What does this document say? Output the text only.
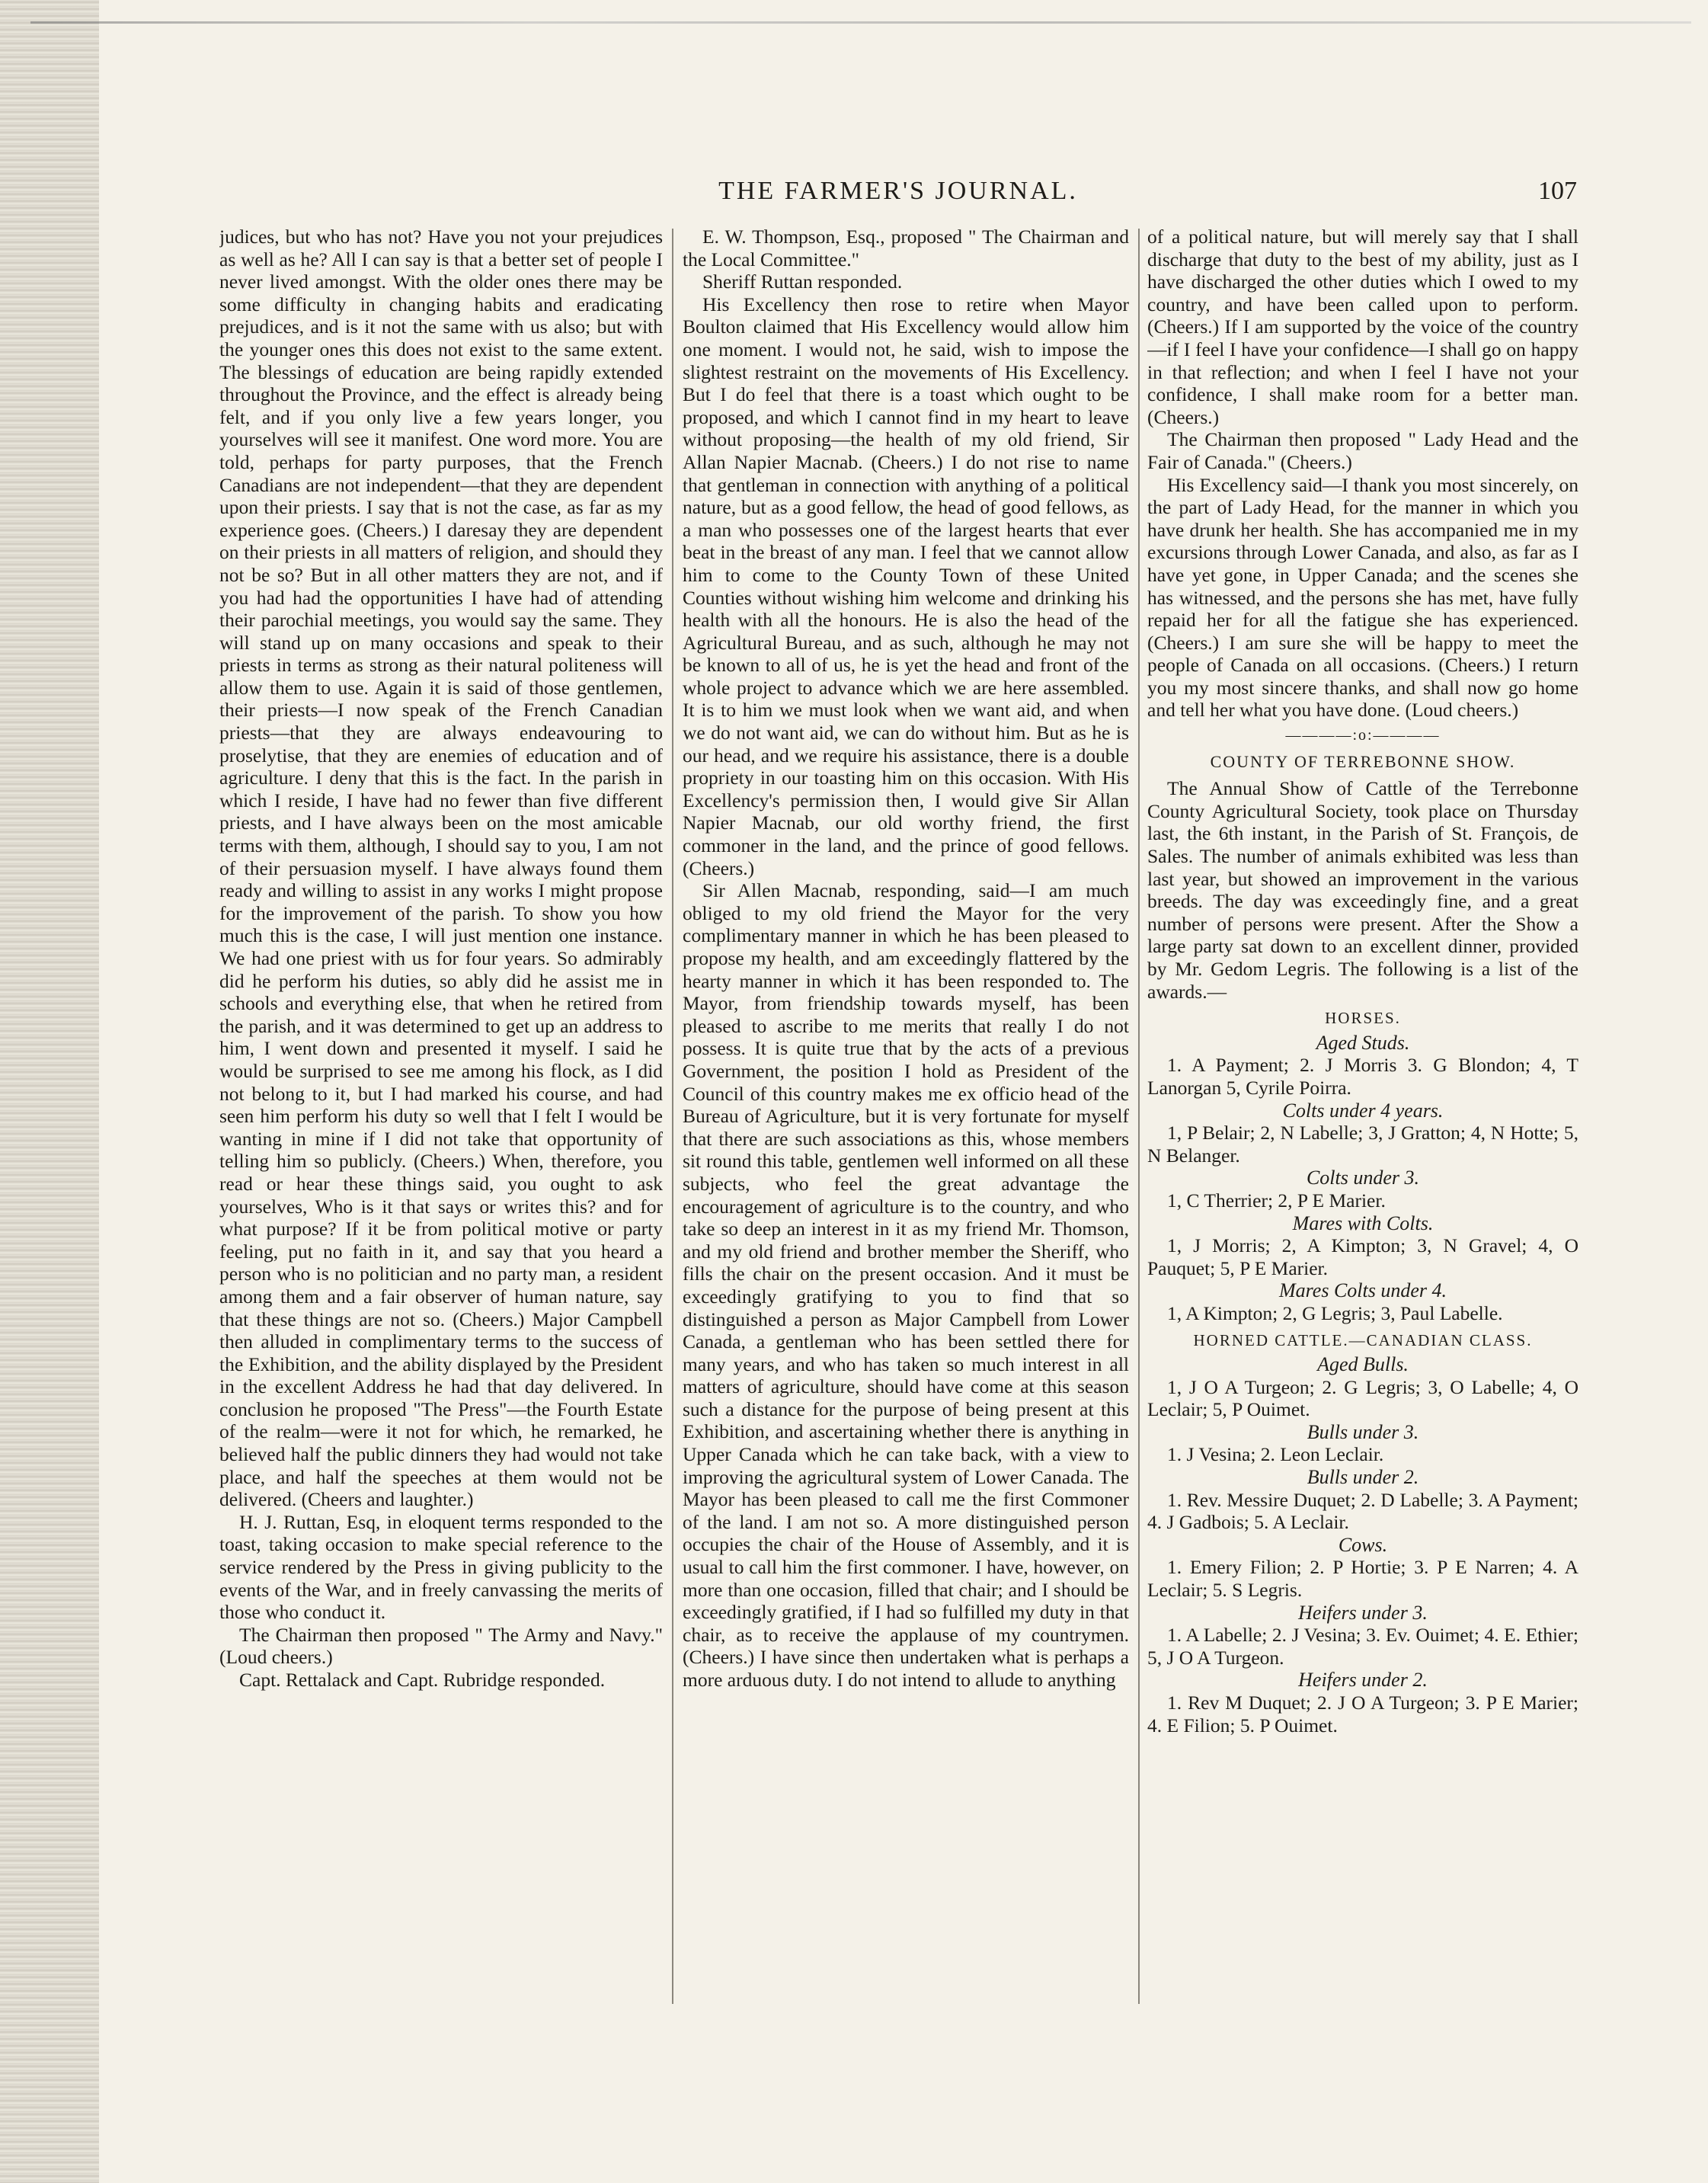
THE FARMER'S JOURNAL.	107

judices, but who has not? Have you not your prejudices as well as he? All I can say is that a better set of people I never lived amongst. With the older ones there may be some difficulty in changing habits and eradicating prejudices, and is it not the same with us also; but with the younger ones this does not exist to the same extent. The blessings of education are being rapidly extended throughout the Province, and the effect is already being felt, and if you only live a few years longer, you yourselves will see it manifest. One word more. You are told, perhaps for party purposes, that the French Canadians are not independent—that they are dependent upon their priests. I say that is not the case, as far as my experience goes. (Cheers.) I daresay they are dependent on their priests in all matters of religion, and should they not be so? But in all other matters they are not, and if you had had the opportunities I have had of attending their parochial meetings, you would say the same. They will stand up on many occasions and speak to their priests in terms as strong as their natural politeness will allow them to use. Again it is said of those gentlemen, their priests—I now speak of the French Canadian priests—that they are always endeavouring to proselytise, that they are enemies of education and of agriculture. I deny that this is the fact. In the parish in which I reside, I have had no fewer than five different priests, and I have always been on the most amicable terms with them, although, I should say to you, I am not of their persuasion myself. I have always found them ready and willing to assist in any works I might propose for the improvement of the parish. To show you how much this is the case, I will just mention one instance. We had one priest with us for four years. So admirably did he perform his duties, so ably did he assist me in schools and everything else, that when he retired from the parish, and it was determined to get up an address to him, I went down and presented it myself. I said he would be surprised to see me among his flock, as I did not belong to it, but I had marked his course, and had seen him perform his duty so well that I felt I would be wanting in mine if I did not take that opportunity of telling him so publicly. (Cheers.) When, therefore, you read or hear these things said, you ought to ask yourselves, Who is it that says or writes this? and for what purpose? If it be from political motive or party feeling, put no faith in it, and say that you heard a person who is no politician and no party man, a resident among them and a fair observer of human nature, say that these things are not so. (Cheers.) Major Campbell then alluded in complimentary terms to the success of the Exhibition, and the ability displayed by the President in the excellent Address he had that day delivered. In conclusion he proposed "The Press"—the Fourth Estate of the realm—were it not for which, he remarked, he believed half the public dinners they had would not take place, and half the speeches at them would not be delivered. (Cheers and laughter.)

H. J. Ruttan, Esq, in eloquent terms responded to the toast, taking occasion to make special reference to the service rendered by the Press in giving publicity to the events of the War, and in freely canvassing the merits of those who conduct it.

The Chairman then proposed " The Army and Navy." (Loud cheers.)

Capt. Rettalack and Capt. Rubridge responded.

E. W. Thompson, Esq., proposed " The Chairman and the Local Committee."

Sheriff Ruttan responded.

His Excellency then rose to retire when Mayor Boulton claimed that His Excellency would allow him one moment. I would not, he said, wish to impose the slightest restraint on the movements of His Excellency. But I do feel that there is a toast which ought to be proposed, and which I cannot find in my heart to leave without proposing—the health of my old friend, Sir Allan Napier Macnab. (Cheers.) I do not rise to name that gentleman in connection with anything of a political nature, but as a good fellow, the head of good fellows, as a man who possesses one of the largest hearts that ever beat in the breast of any man. I feel that we cannot allow him to come to the County Town of these United Counties without wishing him welcome and drinking his health with all the honours. He is also the head of the Agricultural Bureau, and as such, although he may not be known to all of us, he is yet the head and front of the whole project to advance which we are here assembled. It is to him we must look when we want aid, and when we do not want aid, we can do without him. But as he is our head, and we require his assistance, there is a double propriety in our toasting him on this occasion. With His Excellency's permission then, I would give Sir Allan Napier Macnab, our old worthy friend, the first commoner in the land, and the prince of good fellows. (Cheers.)

Sir Allen Macnab, responding, said—I am much obliged to my old friend the Mayor for the very complimentary manner in which he has been pleased to propose my health, and am exceedingly flattered by the hearty manner in which it has been responded to. The Mayor, from friendship towards myself, has been pleased to ascribe to me merits that really I do not possess. It is quite true that by the acts of a previous Government, the position I hold as President of the Council of this country makes me ex officio head of the Bureau of Agriculture, but it is very fortunate for myself that there are such associations as this, whose members sit round this table, gentlemen well informed on all these subjects, who feel the great advantage the encouragement of agriculture is to the country, and who take so deep an interest in it as my friend Mr. Thomson, and my old friend and brother member the Sheriff, who fills the chair on the present occasion. And it must be exceedingly gratifying to you to find that so distinguished a person as Major Campbell from Lower Canada, a gentleman who has been settled there for many years, and who has taken so much interest in all matters of agriculture, should have come at this season such a distance for the purpose of being present at this Exhibition, and ascertaining whether there is anything in Upper Canada which he can take back, with a view to improving the agricultural system of Lower Canada. The Mayor has been pleased to call me the first Commoner of the land. I am not so. A more distinguished person occupies the chair of the House of Assembly, and it is usual to call him the first commoner. I have, however, on more than one occasion, filled that chair; and I should be exceedingly gratified, if I had so fulfilled my duty in that chair, as to receive the applause of my countrymen. (Cheers.) I have since then undertaken what is perhaps a more arduous duty. I do not intend to allude to anything

of a political nature, but will merely say that I shall discharge that duty to the best of my ability, just as I have discharged the other duties which I owed to my country, and have been called upon to perform. (Cheers.) If I am supported by the voice of the country—if I feel I have your confidence—I shall go on happy in that reflection; and when I feel I have not your confidence, I shall make room for a better man. (Cheers.)

The Chairman then proposed " Lady Head and the Fair of Canada." (Cheers.)

His Excellency said—I thank you most sincerely, on the part of Lady Head, for the manner in which you have drunk her health. She has accompanied me in my excursions through Lower Canada, and also, as far as I have yet gone, in Upper Canada; and the scenes she has witnessed, and the persons she has met, have fully repaid her for all the fatigue she has experienced. (Cheers.) I am sure she will be happy to meet the people of Canada on all occasions. (Cheers.) I return you my most sincere thanks, and shall now go home and tell her what you have done. (Loud cheers.)

————:o:————
COUNTY OF TERREBONNE SHOW.

The Annual Show of Cattle of the Terrebonne County Agricultural Society, took place on Thursday last, the 6th instant, in the Parish of St. François, de Sales. The number of animals exhibited was less than last year, but showed an improvement in the various breeds. The day was exceedingly fine, and a great number of persons were present. After the Show a large party sat down to an excellent dinner, provided by Mr. Gedom Legris. The following is a list of the awards.—

HORSES.
Aged Studs.

1. A Payment; 2. J Morris 3. G Blondon; 4, T Lanorgan 5, Cyrile Poirra.

Colts under 4 years.

1, P Belair; 2, N Labelle; 3, J Gratton; 4, N Hotte; 5, N Belanger.

Colts under 3.

1, C Therrier; 2, P E Marier.

Mares with Colts.

1, J Morris; 2, A Kimpton; 3, N Gravel; 4, O Pauquet; 5, P E Marier.

Mares Colts under 4.

1, A Kimpton; 2, G Legris; 3, Paul Labelle.

HORNED CATTLE.—CANADIAN CLASS.
Aged Bulls.

1, J O A Turgeon; 2. G Legris; 3, O Labelle; 4, O Leclair; 5, P Ouimet.

Bulls under 3.

1. J Vesina; 2. Leon Leclair.

Bulls under 2.

1. Rev. Messire Duquet; 2. D Labelle; 3. A Payment; 4. J Gadbois; 5. A Leclair.

Cows.

1. Emery Filion; 2. P Hortie; 3. P E Narren; 4. A Leclair; 5. S Legris.

Heifers under 3.

1. A Labelle; 2. J Vesina; 3. Ev. Ouimet; 4. E. Ethier; 5, J O A Turgeon.

Heifers under 2.

1. Rev M Duquet; 2. J O A Turgeon; 3. P E Marier; 4. E Filion; 5. P Ouimet.
